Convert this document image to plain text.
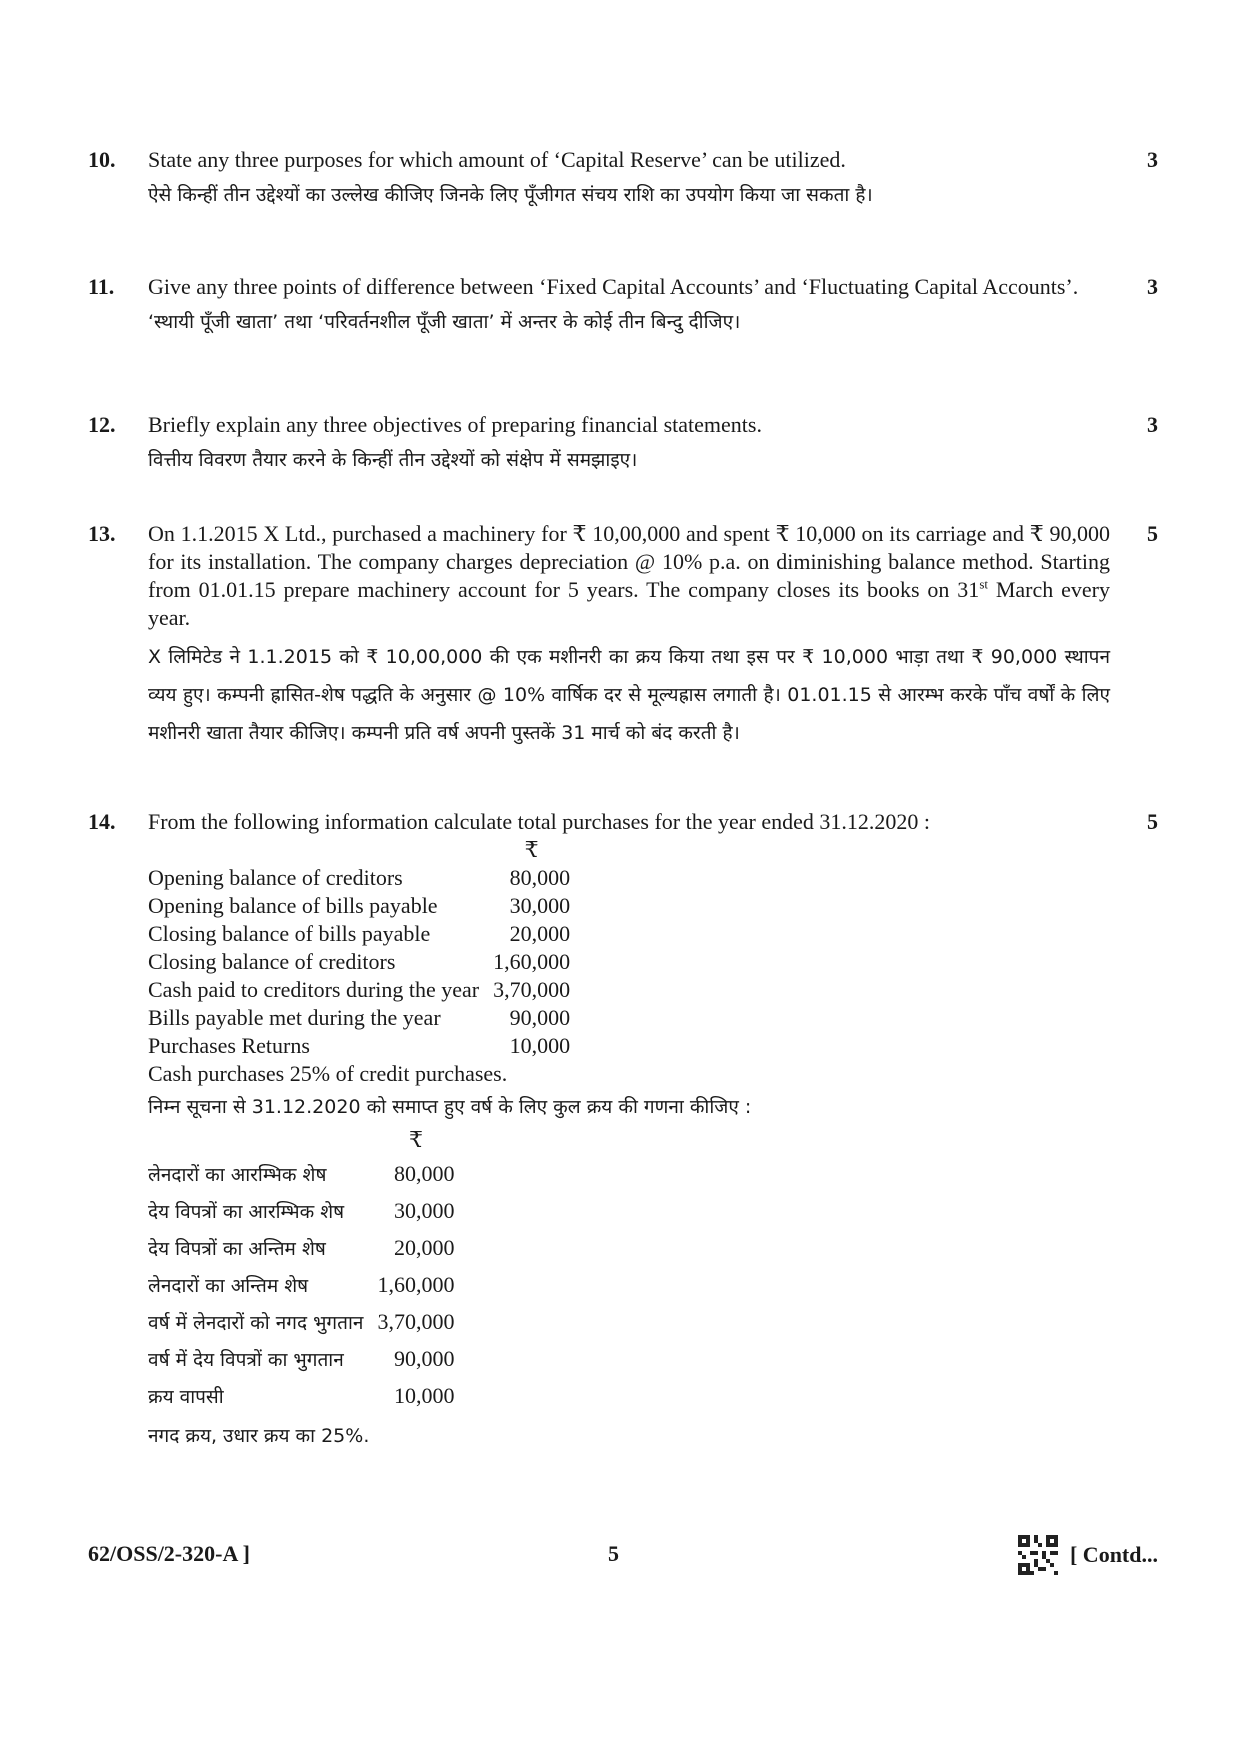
10.	3

State any three purposes for which amount of ‘Capital Reserve’ can be utilized.

ऐसे किन्हीं तीन उद्देश्यों का उल्लेख कीजिए जिनके लिए पूँजीगत संचय राशि का उपयोग किया जा सकता है।

11.	3

Give any three points of difference between ‘Fixed Capital Accounts’ and ‘Fluctuating Capital Accounts’.

‘स्थायी पूँजी खाता’ तथा ‘परिवर्तनशील पूँजी खाता’ में अन्तर के कोई तीन बिन्दु दीजिए।

12.	3

Briefly explain any three objectives of preparing financial statements.

वित्तीय विवरण तैयार करने के किन्हीं तीन उद्देश्यों को संक्षेप में समझाइए।

13.	5

On 1.1.2015 X Ltd., purchased a machinery for ₹ 10,00,000 and spent ₹ 10,000 on its carriage and ₹ 90,000 for its installation. The company charges depreciation @ 10% p.a. on diminishing balance method. Starting from 01.01.15 prepare machinery account for 5 years. The company closes its books on 31st March every year.

X लिमिटेड ने 1.1.2015 को ₹ 10,00,000 की एक मशीनरी का क्रय किया तथा इस पर ₹ 10,000 भाड़ा तथा ₹ 90,000 स्थापन व्यय हुए। कम्पनी ह्रासित-शेष पद्धति के अनुसार @ 10% वार्षिक दर से मूल्यह्रास लगाती है। 01.01.15 से आरम्भ करके पाँच वर्षों के लिए मशीनरी खाता तैयार कीजिए। कम्पनी प्रति वर्ष अपनी पुस्तकें 31 मार्च को बंद करती है।

14.	5

From the following information calculate total purchases for the year ended 31.12.2020 :

	₹
Opening balance of creditors	80,000
Opening balance of bills payable	30,000
Closing balance of bills payable	20,000
Closing balance of creditors	1,60,000
Cash paid to creditors during the year	3,70,000
Bills payable met during the year	90,000
Purchases Returns	10,000

Cash purchases 25% of credit purchases.

निम्न सूचना से 31.12.2020 को समाप्त हुए वर्ष के लिए कुल क्रय की गणना कीजिए :

	₹
लेनदारों का आरम्भिक शेष	80,000
देय विपत्रों का आरम्भिक शेष	30,000
देय विपत्रों का अन्तिम शेष	20,000
लेनदारों का अन्तिम शेष	1,60,000
वर्ष में लेनदारों को नगद भुगतान	3,70,000
वर्ष में देय विपत्रों का भुगतान	90,000
क्रय वापसी	10,000

नगद क्रय, उधार क्रय का 25%.

62/OSS/2-320-A ]	5	[ Contd...
